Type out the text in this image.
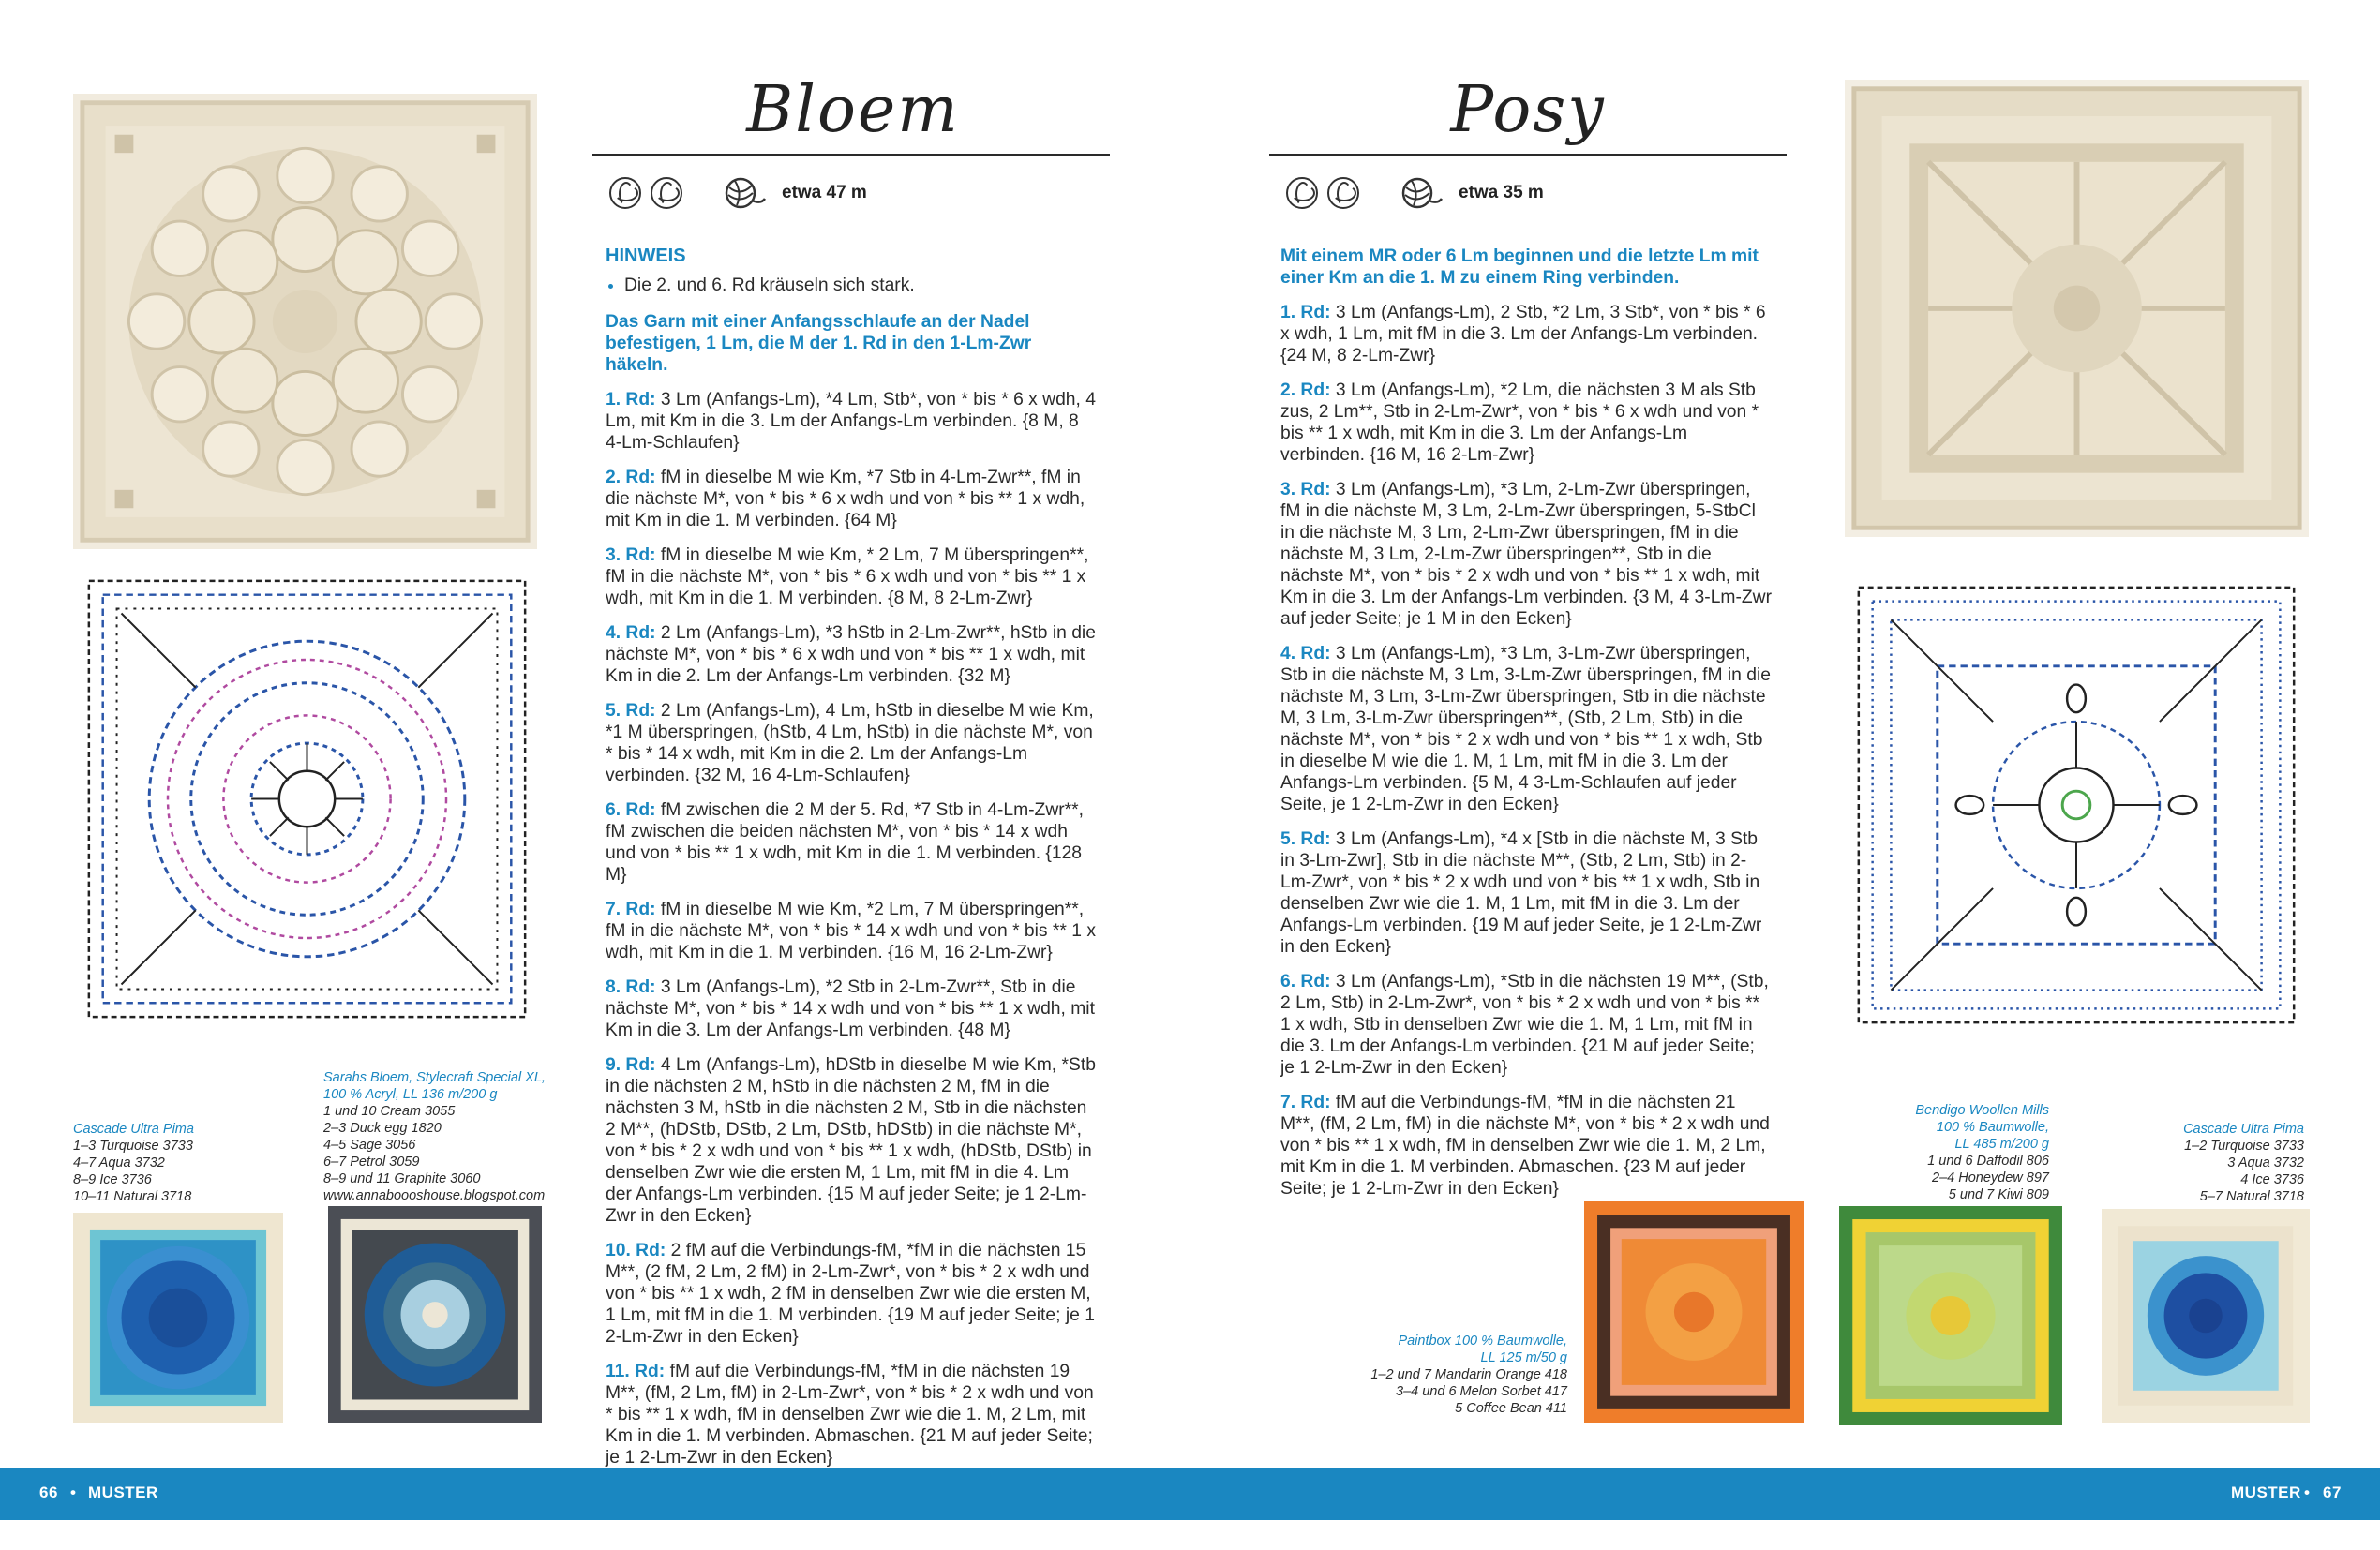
Bloem
etwa 47 m
HINWEIS
• Die 2. und 6. Rd kräuseln sich stark.

Das Garn mit einer Anfangsschlaufe an der Nadel befestigen, 1 Lm, die M der 1. Rd in den 1-Lm-Zwr häkeln.

1. Rd: 3 Lm (Anfangs-Lm), *4 Lm, Stb*, von * bis * 6 x wdh, 4 Lm, mit Km in die 3. Lm der Anfangs-Lm verbinden. {8 M, 8 4-Lm-Schlaufen}

2. Rd: fM in dieselbe M wie Km, *7 Stb in 4-Lm-Zwr**, fM in die nächste M*, von * bis * 6 x wdh und von * bis ** 1 x wdh, mit Km in die 1. M verbinden. {64 M}

3. Rd: fM in dieselbe M wie Km, * 2 Lm, 7 M überspringen**, fM in die nächste M*, von * bis * 6 x wdh und von * bis ** 1 x wdh, mit Km in die 1. M verbinden. {8 M, 8 2-Lm-Zwr}

4. Rd: 2 Lm (Anfangs-Lm), *3 hStb in 2-Lm-Zwr**, hStb in die nächste M*, von * bis * 6 x wdh und von * bis ** 1 x wdh, mit Km in die 2. Lm der Anfangs-Lm verbinden. {32 M}

5. Rd: 2 Lm (Anfangs-Lm), 4 Lm, hStb in dieselbe M wie Km, *1 M überspringen, (hStb, 4 Lm, hStb) in die nächste M*, von * bis * 14 x wdh, mit Km in die 2. Lm der Anfangs-Lm verbinden. {32 M, 16 4-Lm-Schlaufen}

6. Rd: fM zwischen die 2 M der 5. Rd, *7 Stb in 4-Lm-Zwr**, fM zwischen die beiden nächsten M*, von * bis * 14 x wdh und von * bis ** 1 x wdh, mit Km in die 1. M verbinden. {128 M}

7. Rd: fM in dieselbe M wie Km, *2 Lm, 7 M überspringen**, fM in die nächste M*, von * bis * 14 x wdh und von * bis ** 1 x wdh, mit Km in die 1. M verbinden. {16 M, 16 2-Lm-Zwr}

8. Rd: 3 Lm (Anfangs-Lm), *2 Stb in 2-Lm-Zwr**, Stb in die nächste M*, von * bis * 14 x wdh und von * bis ** 1 x wdh, mit Km in die 3. Lm der Anfangs-Lm verbinden. {48 M}

9. Rd: 4 Lm (Anfangs-Lm), hDStb in dieselbe M wie Km, *Stb in die nächsten 2 M, hStb in die nächsten 2 M, fM in die nächsten 3 M, hStb in die nächsten 2 M, Stb in die nächsten 2 M**, (hDStb, DStb, 2 Lm, DStb, hDStb) in die nächste M*, von * bis * 2 x wdh und von * bis ** 1 x wdh, (hDStb, DStb) in denselben Zwr wie die ersten M, 1 Lm, mit fM in die 4. Lm der Anfangs-Lm verbinden. {15 M auf jeder Seite; je 1 2-Lm-Zwr in den Ecken}

10. Rd: 2 fM auf die Verbindungs-fM, *fM in die nächsten 15 M**, (2 fM, 2 Lm, 2 fM) in 2-Lm-Zwr*, von * bis * 2 x wdh und von * bis ** 1 x wdh, 2 fM in denselben Zwr wie die ersten M, 1 Lm, mit fM in die 1. M verbinden. {19 M auf jeder Seite; je 1 2-Lm-Zwr in den Ecken}

11. Rd: fM auf die Verbindungs-fM, *fM in die nächsten 19 M**, (fM, 2 Lm, fM) in 2-Lm-Zwr*, von * bis * 2 x wdh und von * bis ** 1 x wdh, fM in denselben Zwr wie die 1. M, 2 Lm, mit Km in die 1. M verbinden. Abmaschen. {21 M auf jeder Seite; je 1 2-Lm-Zwr in den Ecken}

Cascade Ultra Pima
1–3 Turquoise 3733
4–7 Aqua 3732
8–9 Ice 3736
10–11 Natural 3718
Sarahs Bloem, Stylecraft Special XL,
100 % Acryl, LL 136 m/200 g
1 und 10 Cream 3055
2–3 Duck egg 1820
4–5 Sage 3056
6–7 Petrol 3059
8–9 und 11 Graphite 3060
www.annaboooshouse.blogspot.com
Posy
etwa 35 m

Mit einem MR oder 6 Lm beginnen und die letzte Lm mit einer Km an die 1. M zu einem Ring verbinden.

1. Rd: 3 Lm (Anfangs-Lm), 2 Stb, *2 Lm, 3 Stb*, von * bis * 6 x wdh, 1 Lm, mit fM in die 3. Lm der Anfangs-Lm verbinden. {24 M, 8 2-Lm-Zwr}

2. Rd: 3 Lm (Anfangs-Lm), *2 Lm, die nächsten 3 M als Stb zus, 2 Lm**, Stb in 2-Lm-Zwr*, von * bis * 6 x wdh und von * bis ** 1 x wdh, mit Km in die 3. Lm der Anfangs-Lm verbinden. {16 M, 16 2-Lm-Zwr}

3. Rd: 3 Lm (Anfangs-Lm), *3 Lm, 2-Lm-Zwr überspringen, fM in die nächste M, 3 Lm, 2-Lm-Zwr überspringen, 5-StbCl in die nächste M, 3 Lm, 2-Lm-Zwr überspringen, fM in die nächste M, 3 Lm, 2-Lm-Zwr überspringen**, Stb in die nächste M*, von * bis * 2 x wdh und von * bis ** 1 x wdh, mit Km in die 3. Lm der Anfangs-Lm verbinden. {3 M, 4 3-Lm-Zwr auf jeder Seite; je 1 M in den Ecken}

4. Rd: 3 Lm (Anfangs-Lm), *3 Lm, 3-Lm-Zwr überspringen, Stb in die nächste M, 3 Lm, 3-Lm-Zwr überspringen, fM in die nächste M, 3 Lm, 3-Lm-Zwr überspringen, Stb in die nächste M, 3 Lm, 3-Lm-Zwr überspringen**, (Stb, 2 Lm, Stb) in die nächste M*, von * bis * 2 x wdh und von * bis ** 1 x wdh, Stb in dieselbe M wie die 1. M, 1 Lm, mit fM in die 3. Lm der Anfangs-Lm verbinden. {5 M, 4 3-Lm-Schlaufen auf jeder Seite, je 1 2-Lm-Zwr in den Ecken}

5. Rd: 3 Lm (Anfangs-Lm), *4 x [Stb in die nächste M, 3 Stb in 3-Lm-Zwr], Stb in die nächste M**, (Stb, 2 Lm, Stb) in 2-Lm-Zwr*, von * bis * 2 x wdh und von * bis ** 1 x wdh, Stb in denselben Zwr wie die 1. M, 1 Lm, mit fM in die 3. Lm der Anfangs-Lm verbinden. {19 M auf jeder Seite, je 1 2-Lm-Zwr in den Ecken}

6. Rd: 3 Lm (Anfangs-Lm), *Stb in die nächsten 19 M**, (Stb, 2 Lm, Stb) in 2-Lm-Zwr*, von * bis * 2 x wdh und von * bis ** 1 x wdh, Stb in denselben Zwr wie die 1. M, 1 Lm, mit fM in die 3. Lm der Anfangs-Lm verbinden. {21 M auf jeder Seite; je 1 2-Lm-Zwr in den Ecken}

7. Rd: fM auf die Verbindungs-fM, *fM in die nächsten 21 M**, (fM, 2 Lm, fM) in die nächste M*, von * bis * 2 x wdh und von * bis ** 1 x wdh, fM in denselben Zwr wie die 1. M, 2 Lm, mit Km in die 1. M verbinden. Abmaschen. {23 M auf jeder Seite; je 1 2-Lm-Zwr in den Ecken}

Paintbox 100 % Baumwolle,
LL 125 m/50 g
1–2 und 7 Mandarin Orange 418
3–4 und 6 Melon Sorbet 417
5 Coffee Bean 411
Bendigo Woollen Mills
100 % Baumwolle,
LL 485 m/200 g
1 und 6 Daffodil 806
2–4 Honeydew 897
5 und 7 Kiwi 809
Cascade Ultra Pima
1–2 Turquoise 3733
3 Aqua 3732
4 Ice 3736
5–7 Natural 3718
66 • MUSTER	MUSTER • 67
